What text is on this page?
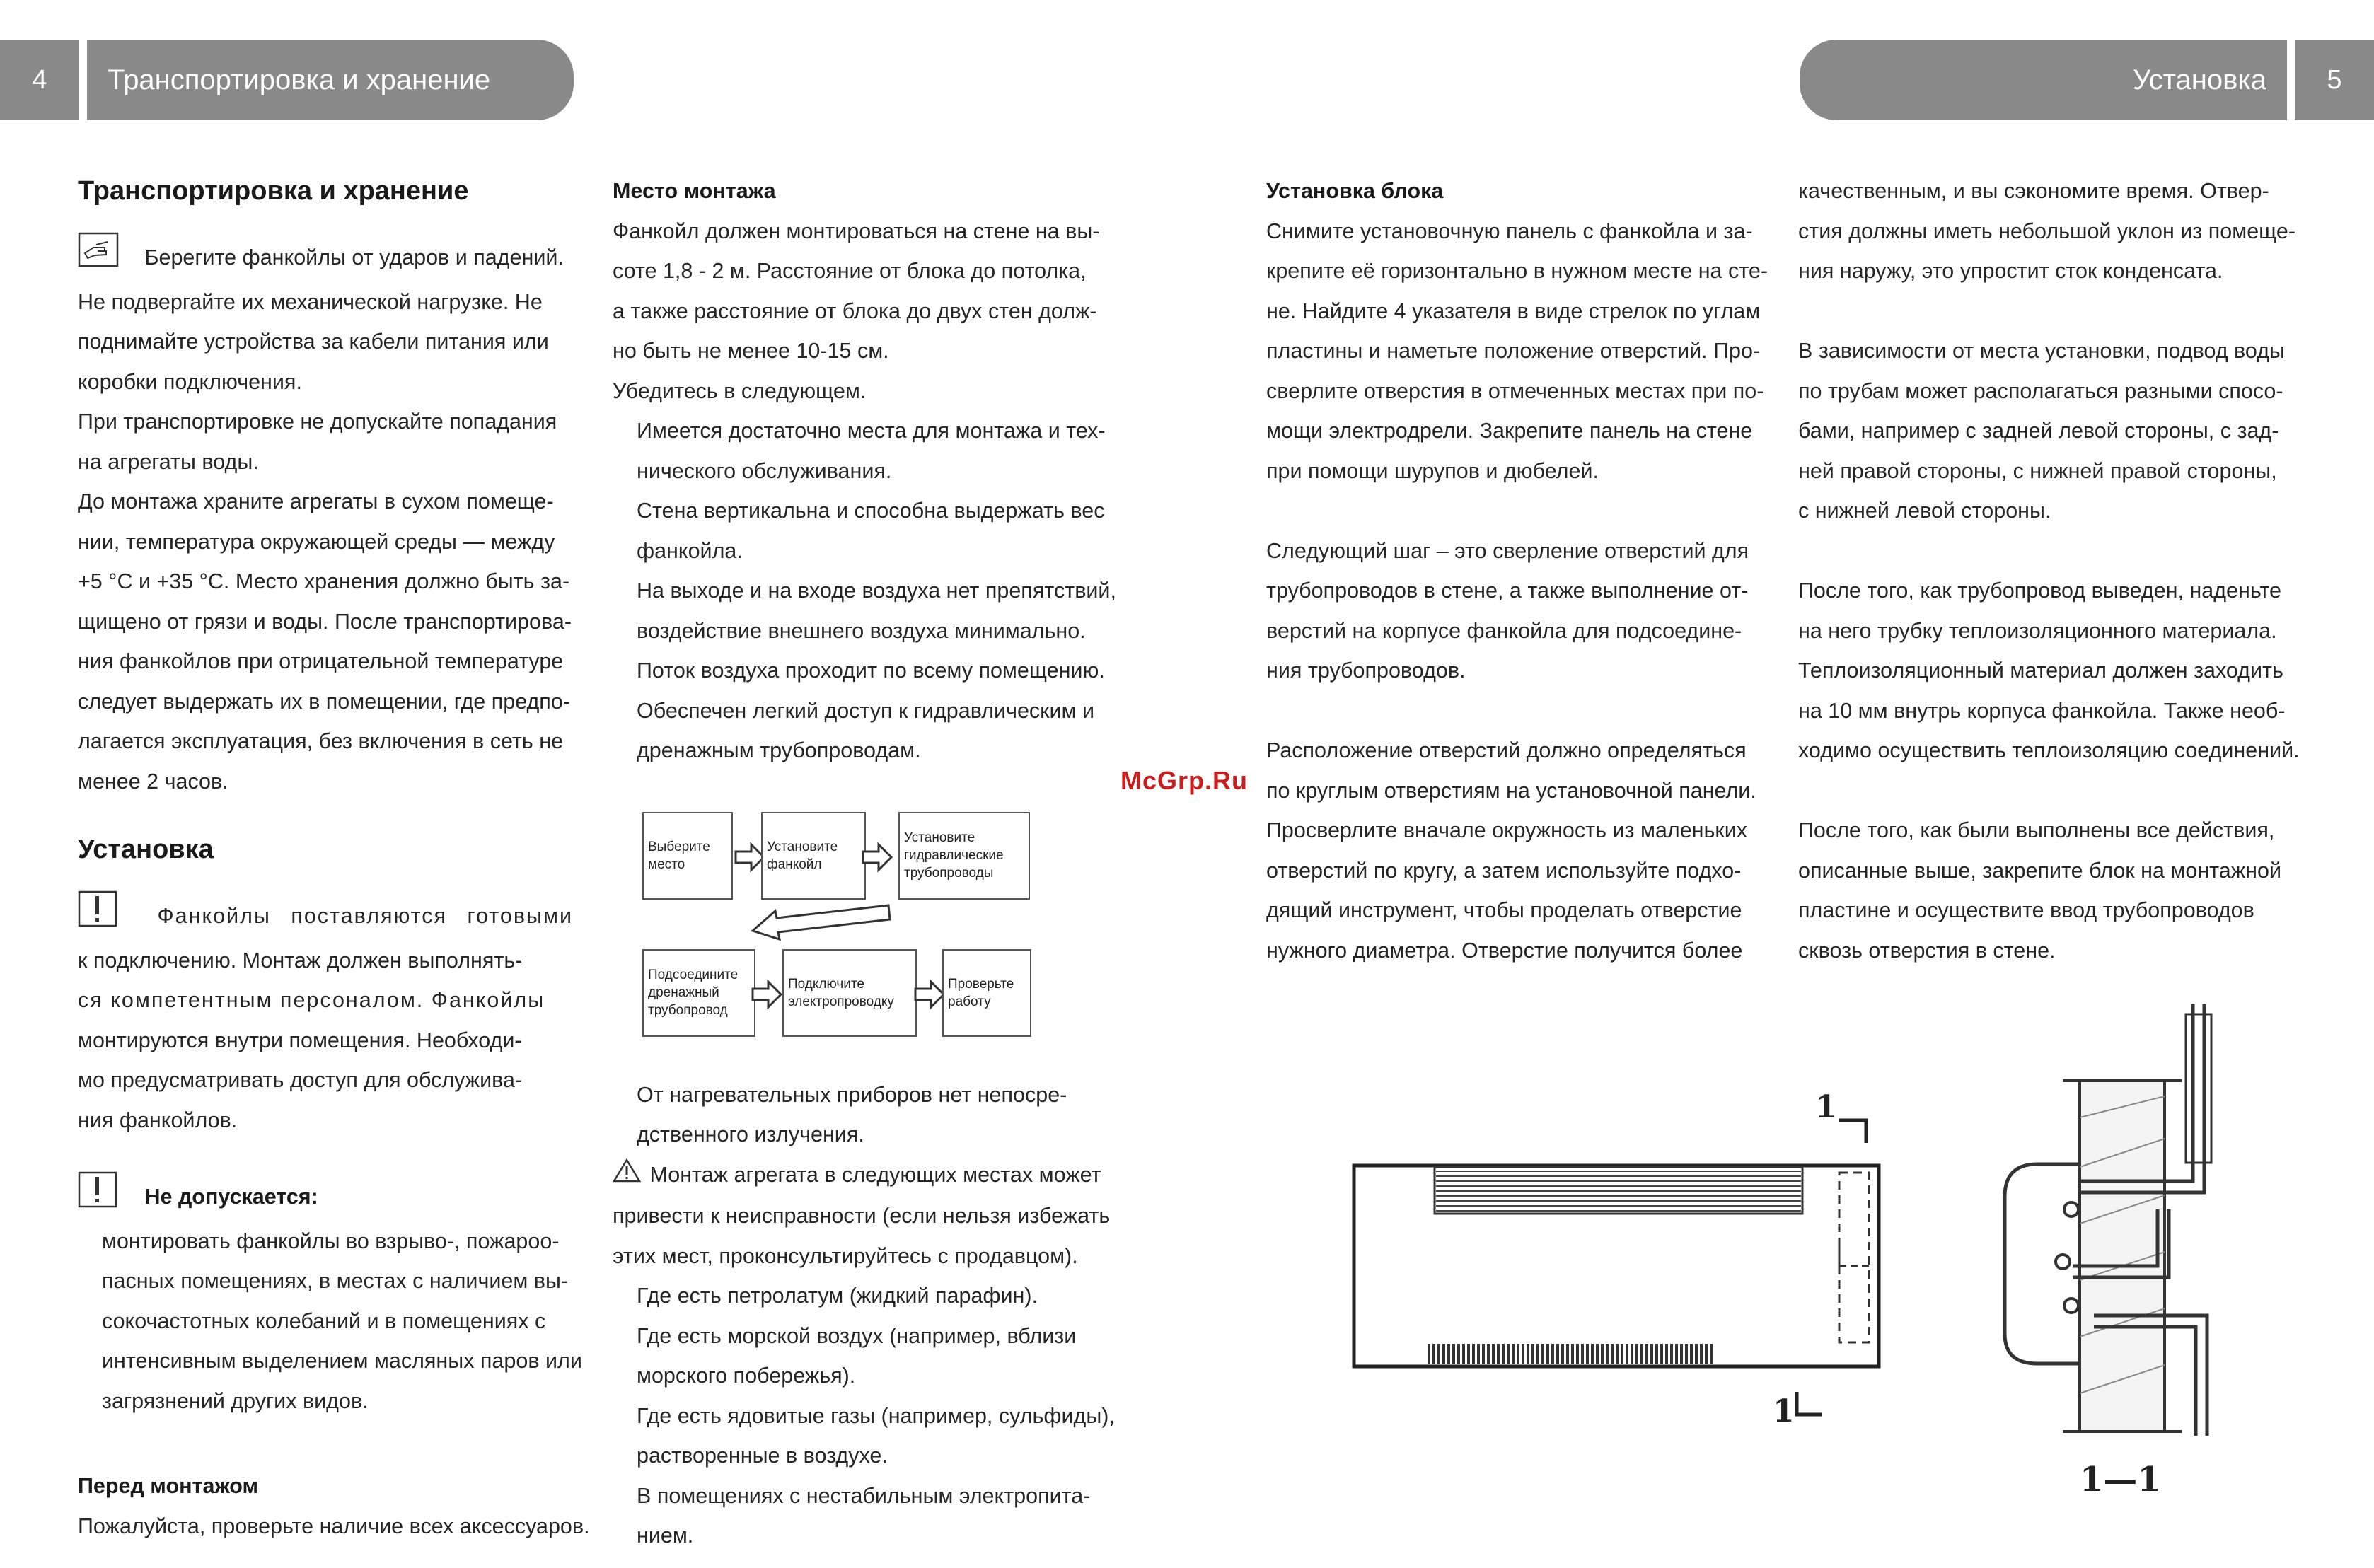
4	Транспортировка и хранение	Установка	5
Транспортировка и хранение

Берегите фанкойлы от ударов и падений.

Не подвергайте их механической нагрузке. Не

поднимайте устройства за кабели питания или

коробки подключения.

При транспортировке не допускайте попадания

на агрегаты воды.

До монтажа храните агрегаты в сухом помеще-

нии, температура окружающей среды — между

+5 °С и +35 °С. Место хранения должно быть за-

щищено от грязи и воды. После транспортирова-

ния фанкойлов при отрицательной температуре

следует выдержать их в помещении, где предпо-

лагается эксплуатация, без включения в сеть не

менее 2 часов.

Установка

Фанкойлы поставляются готовыми

к подключению. Монтаж должен выполнять-

ся компетентным персоналом. Фанкойлы

монтируются внутри помещения. Необходи-

мо предусматривать доступ для обслужива-

ния фанкойлов.

Не допускается:

монтировать фанкойлы во взрыво-, пожароо-

пасных помещениях, в местах с наличием вы-

сокочастотных колебаний и в помещениях с

интенсивным выделением масляных паров или

загрязнений других видов.

Перед монтажом

Пожалуйста, проверьте наличие всех аксессуаров.

Место монтажа

Фанкойл должен монтироваться на стене на вы-

соте 1,8 - 2 м. Расстояние от блока до потолка,

а также расстояние от блока до двух стен долж-

но быть не менее 10-15 см.

Убедитесь в следующем.

Имеется достаточно места для монтажа и тех-

нического обслуживания.

Стена вертикальна и способна выдержать вес

фанкойла.

На выходе и на входе воздуха нет препятствий,

воздействие внешнего воздуха минимально.

Поток воздуха проходит по всему помещению.

Обеспечен легкий доступ к гидравлическим и

дренажным трубопроводам.

Выберите место
Установите фанкойл
Установите гидравлические трубопроводы
Подсоедините дренажный трубопровод
Подключите электропроводку
Проверьте работу

От нагревательных приборов нет непосре-

дственного излучения.

Монтаж агрегата в следующих местах может

привести к неисправности (если нельзя избежать

этих мест, проконсультируйтесь с продавцом).

Где есть петролатум (жидкий парафин).

Где есть морской воздух (например, вблизи

морского побережья).

Где есть ядовитые газы (например, сульфиды),

растворенные в воздухе.

В помещениях с нестабильным электропита-

нием.

McGrp.Ru
Установка блока

Снимите установочную панель с фанкойла и за-

крепите её горизонтально в нужном месте на сте-

не. Найдите 4 указателя в виде стрелок по углам

пластины и наметьте положение отверстий. Про-

сверлите отверстия в отмеченных местах при по-

мощи электродрели. Закрепите панель на стене

при помощи шурупов и дюбелей.

Следующий шаг – это сверление отверстий для

трубопроводов в стене, а также выполнение от-

верстий на корпусе фанкойла для подсоедине-

ния трубопроводов.

Расположение отверстий должно определяться

по круглым отверстиям на установочной панели.

Просверлите вначале окружность из маленьких

отверстий по кругу, а затем используйте подхо-

дящий инструмент, чтобы проделать отверстие

нужного диаметра. Отверстие получится более

качественным, и вы сэкономите время. Отвер-

стия должны иметь небольшой уклон из помеще-

ния наружу, это упростит сток конденсата.

В зависимости от места установки, подвод воды

по трубам может располагаться разными спосо-

бами, например с задней левой стороны, с зад-

ней правой стороны, с нижней правой стороны,

с нижней левой стороны.

После того, как трубопровод выведен, наденьте

на него трубку теплоизоляционного материала.

Теплоизоляционный материал должен заходить

на 10 мм внутрь корпуса фанкойла. Также необ-

ходимо осуществить теплоизоляцию соединений.

После того, как были выполнены все действия,

описанные выше, закрепите блок на монтажной

пластине и осуществите ввод трубопроводов

сквозь отверстия в стене.

1
1
1—1
